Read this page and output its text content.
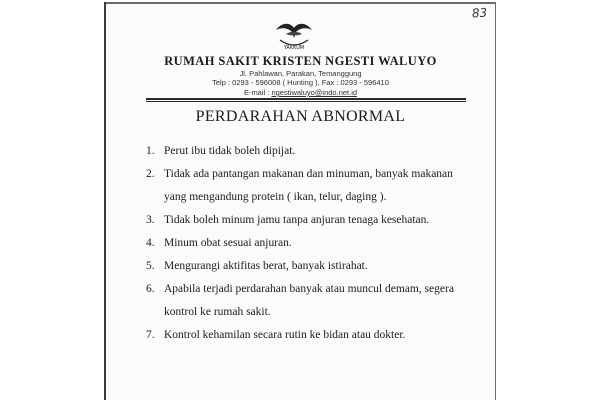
83
YAKKUM
RUMAH SAKIT KRISTEN NGESTI WALUYO
Jl. Pahlawan, Parakan, Temanggung
Telp : 0293 - 596008 ( Hunting ), Fax : 0293 - 596410
E-mail : ngestiwaluyo@indo.net.id
PERDARAHAN ABNORMAL
1. Perut ibu tidak boleh dipijat.
2. Tidak ada pantangan makanan dan minuman, banyak makanan yang mengandung protein ( ikan, telur, daging ).
3. Tidak boleh minum jamu tanpa anjuran tenaga kesehatan.
4. Minum obat sesuai anjuran.
5. Mengurangi aktifitas berat, banyak istirahat.
6. Apabila terjadi perdarahan banyak atau muncul demam, segera kontrol ke rumah sakit.
7. Kontrol kehamilan secara rutin ke bidan atau dokter.
